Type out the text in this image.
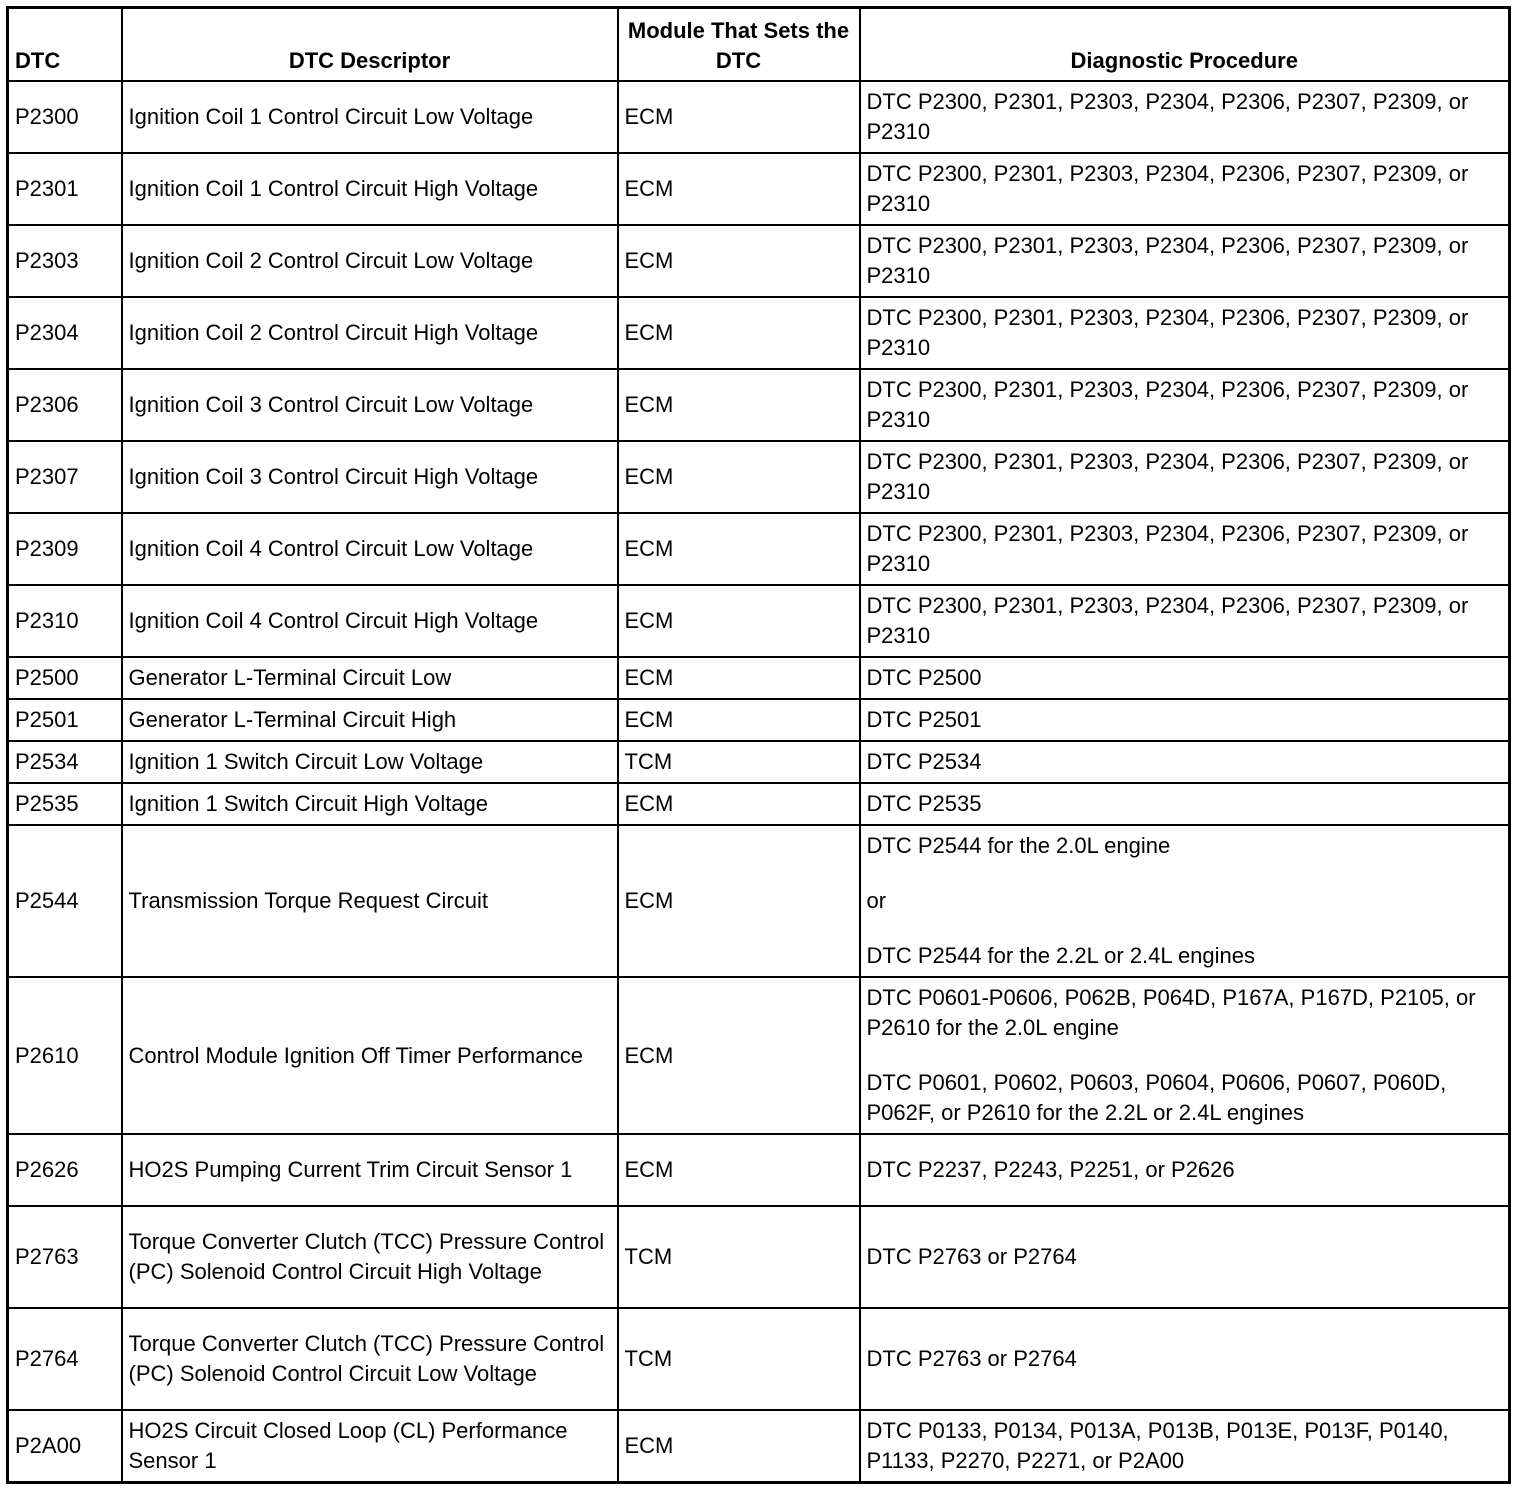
DTC	DTC Descriptor	Module That Sets the DTC	Diagnostic Procedure
P2300	Ignition Coil 1 Control Circuit Low Voltage	ECM	DTC P2300, P2301, P2303, P2304, P2306, P2307, P2309, or P2310
P2301	Ignition Coil 1 Control Circuit High Voltage	ECM	DTC P2300, P2301, P2303, P2304, P2306, P2307, P2309, or P2310
P2303	Ignition Coil 2 Control Circuit Low Voltage	ECM	DTC P2300, P2301, P2303, P2304, P2306, P2307, P2309, or P2310
P2304	Ignition Coil 2 Control Circuit High Voltage	ECM	DTC P2300, P2301, P2303, P2304, P2306, P2307, P2309, or P2310
P2306	Ignition Coil 3 Control Circuit Low Voltage	ECM	DTC P2300, P2301, P2303, P2304, P2306, P2307, P2309, or P2310
P2307	Ignition Coil 3 Control Circuit High Voltage	ECM	DTC P2300, P2301, P2303, P2304, P2306, P2307, P2309, or P2310
P2309	Ignition Coil 4 Control Circuit Low Voltage	ECM	DTC P2300, P2301, P2303, P2304, P2306, P2307, P2309, or P2310
P2310	Ignition Coil 4 Control Circuit High Voltage	ECM	DTC P2300, P2301, P2303, P2304, P2306, P2307, P2309, or P2310
P2500	Generator L-Terminal Circuit Low	ECM	DTC P2500
P2501	Generator L-Terminal Circuit High	ECM	DTC P2501
P2534	Ignition 1 Switch Circuit Low Voltage	TCM	DTC P2534
P2535	Ignition 1 Switch Circuit High Voltage	ECM	DTC P2535
P2544	Transmission Torque Request Circuit	ECM	DTC P2544 for the 2.0L engine
or
DTC P2544 for the 2.2L or 2.4L engines
P2610	Control Module Ignition Off Timer Performance	ECM	DTC P0601-P0606, P062B, P064D, P167A, P167D, P2105, or P2610 for the 2.0L engine
DTC P0601, P0602, P0603, P0604, P0606, P0607, P060D, P062F, or P2610 for the 2.2L or 2.4L engines
P2626	HO2S Pumping Current Trim Circuit Sensor 1	ECM	DTC P2237, P2243, P2251, or P2626
P2763	Torque Converter Clutch (TCC) Pressure Control (PC) Solenoid Control Circuit High Voltage	TCM	DTC P2763 or P2764
P2764	Torque Converter Clutch (TCC) Pressure Control (PC) Solenoid Control Circuit Low Voltage	TCM	DTC P2763 or P2764
P2A00	HO2S Circuit Closed Loop (CL) Performance Sensor 1	ECM	DTC P0133, P0134, P013A, P013B, P013E, P013F, P0140, P1133, P2270, P2271, or P2A00
